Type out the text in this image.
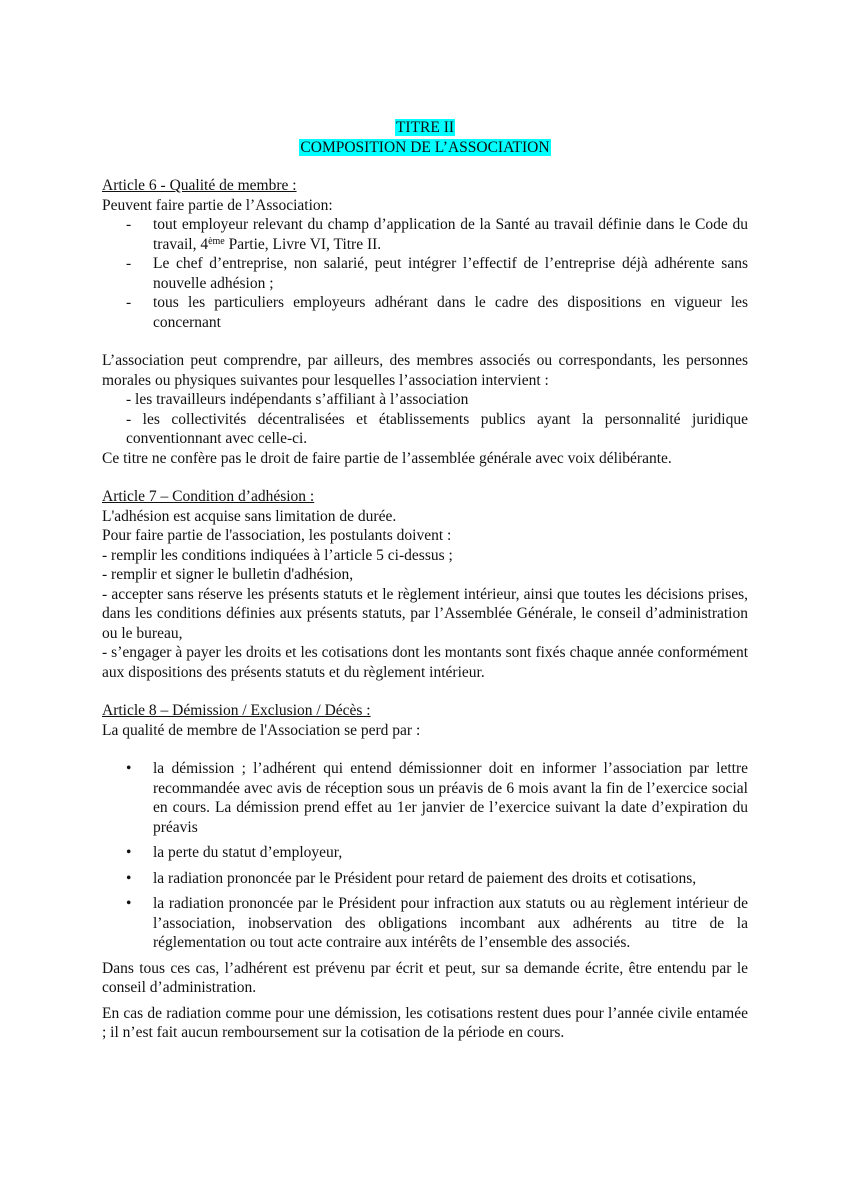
TITRE II
COMPOSITION DE L’ASSOCIATION

Article 6 - Qualité de membre :

Peuvent faire partie de l’Association:

- tout employeur relevant du champ d’application de la Santé au travail définie dans le Code du travail, 4ème Partie, Livre VI, Titre II.
- Le chef d’entreprise, non salarié, peut intégrer l’effectif de l’entreprise déjà adhérente sans nouvelle adhésion ;
- tous les particuliers employeurs adhérant dans le cadre des dispositions en vigueur les concernant

L’association peut comprendre, par ailleurs, des membres associés ou correspondants, les personnes morales ou physiques suivantes pour lesquelles l’association intervient :

- les travailleurs indépendants s’affiliant à l’association

- les collectivités décentralisées et établissements publics ayant la personnalité juridique conventionnant avec celle-ci.

Ce titre ne confère pas le droit de faire partie de l’assemblée générale avec voix délibérante.

Article 7 – Condition d’adhésion :

L'adhésion est acquise sans limitation de durée.

Pour faire partie de l'association, les postulants doivent :

- remplir les conditions indiquées à l’article 5 ci-dessus ;

- remplir et signer le bulletin d'adhésion,

- accepter sans réserve les présents statuts et le règlement intérieur, ainsi que toutes les décisions prises, dans les conditions définies aux présents statuts, par l’Assemblée Générale, le conseil d’administration ou le bureau,

- s’engager à payer les droits et les cotisations dont les montants sont fixés chaque année conformément aux dispositions des présents statuts et du règlement intérieur.

Article 8 – Démission / Exclusion / Décès :

La qualité de membre de l'Association se perd par :

• la démission ; l’adhérent qui entend démissionner doit en informer l’association par lettre recommandée avec avis de réception sous un préavis de 6 mois avant la fin de l’exercice social en cours. La démission prend effet au 1er janvier de l’exercice suivant la date d’expiration du préavis
• la perte du statut d’employeur,
• la radiation prononcée par le Président pour retard de paiement des droits et cotisations,
• la radiation prononcée par le Président pour infraction aux statuts ou au règlement intérieur de l’association, inobservation des obligations incombant aux adhérents au titre de la réglementation ou tout acte contraire aux intérêts de l’ensemble des associés.

Dans tous ces cas, l’adhérent est prévenu par écrit et peut, sur sa demande écrite, être entendu par le conseil d’administration.

En cas de radiation comme pour une démission, les cotisations restent dues pour l’année civile entamée ; il n’est fait aucun remboursement sur la cotisation de la période en cours.
